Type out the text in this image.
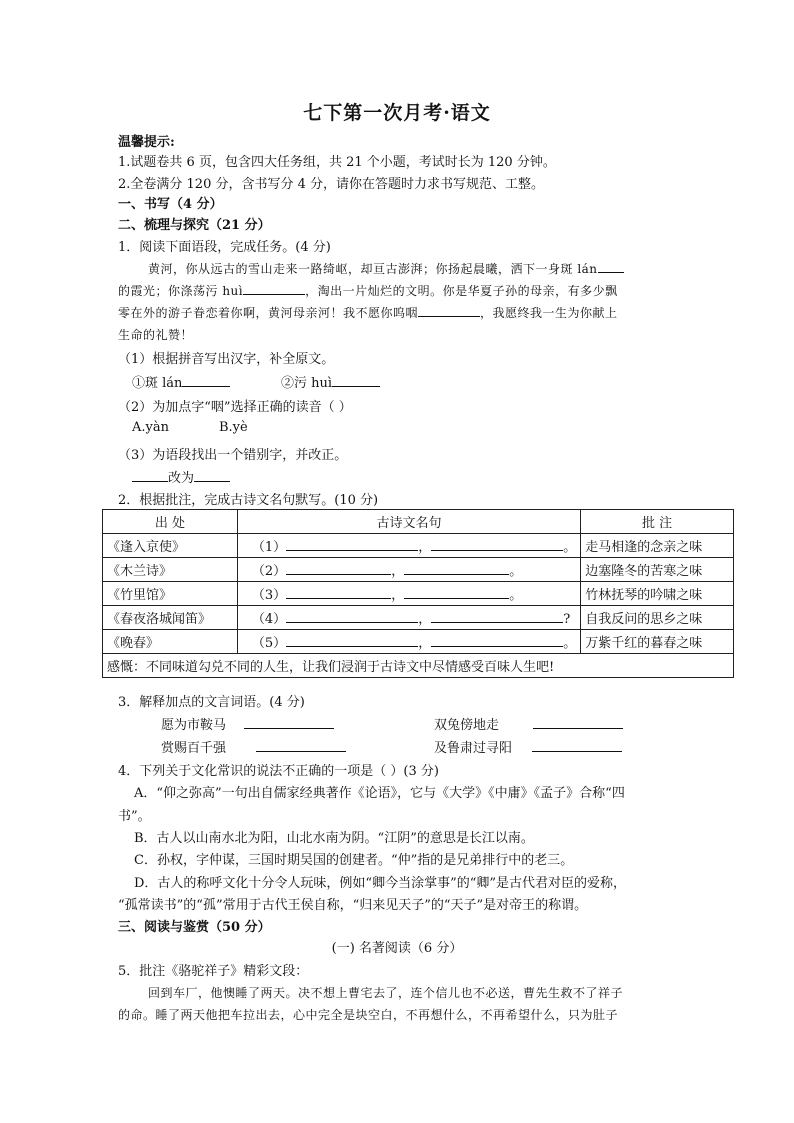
七下第一次月考·语文
温馨提示:
1.试题卷共 6 页，包含四大任务组，共 21 个小题，考试时长为 120 分钟。
2.全卷满分 120 分，含书写分 4 分，请你在答题时力求书写规范、工整。
一、书写（4 分）
二、梳理与探究（21 分）
1．阅读下面语段，完成任务。(4 分)
黄河，你从远古的雪山走来一路绮岖，却亘古澎湃；你扬起晨曦，洒下一身斑 lán
的霞光；你涤荡污 huì	，淘出一片灿烂的文明。你是华夏子孙的母亲，有多少飘
零在外的游子眷恋着你啊，黄河母亲河！我不愿你呜咽	，我愿终我一生为你献上
生命的礼赞！
（1）根据拼音写出汉字，补全原文。
①斑 lán	②污 huì
（2）为加点字“咽”选择正确的读音（ ）
A.yàn	B.yè
（3）为语段找出一个错别字，并改正。
改为
2．根据批注，完成古诗文名句默写。(10 分)
出 处	古诗文名句	批 注
《逢入京使》	（1） ， 。	走马相逢的念亲之味
《木兰诗》	（2） ， 。	边塞隆冬的苦寒之味
《竹里馆》	（3） ， 。	竹林抚琴的吟啸之味
《春夜洛城闻笛》	（4） ， ?	自我反问的思乡之味
《晚春》	（5） ， 。	万紫千红的暮春之味
感慨：不同味道勾兑不同的人生，让我们浸润于古诗文中尽情感受百味人生吧!		
3．解释加点的文言词语。(4 分)
愿为市鞍马	双兔傍地走
赏赐百千强	及鲁肃过寻阳
4．下列关于文化常识的说法不正确的一项是（ ）(3 分)
A．“仰之弥高”一句出自儒家经典著作《论语》，它与《大学》《中庸》《孟子》合称“四
书”。
B．古人以山南水北为阳，山北水南为阴。“江阴”的意思是长江以南。
C．孙权，字仲谋，三国时期吴国的创建者。“仲”指的是兄弟排行中的老三。
D．古人的称呼文化十分令人玩味，例如“卿今当涂掌事”的“卿”是古代君对臣的爱称，
“孤常读书”的“孤”常用于古代王侯自称，“归来见天子”的“天子”是对帝王的称谓。
三、阅读与鉴赏（50 分）
(一) 名著阅读（6 分）
5．批注《骆驼祥子》精彩文段：
回到车厂，他懊睡了两天。决不想上曹宅去了，连个信儿也不必送，曹先生救不了祥子
的命。睡了两天他把车拉出去，心中完全是块空白，不再想什么，不再希望什么，只为肚子
